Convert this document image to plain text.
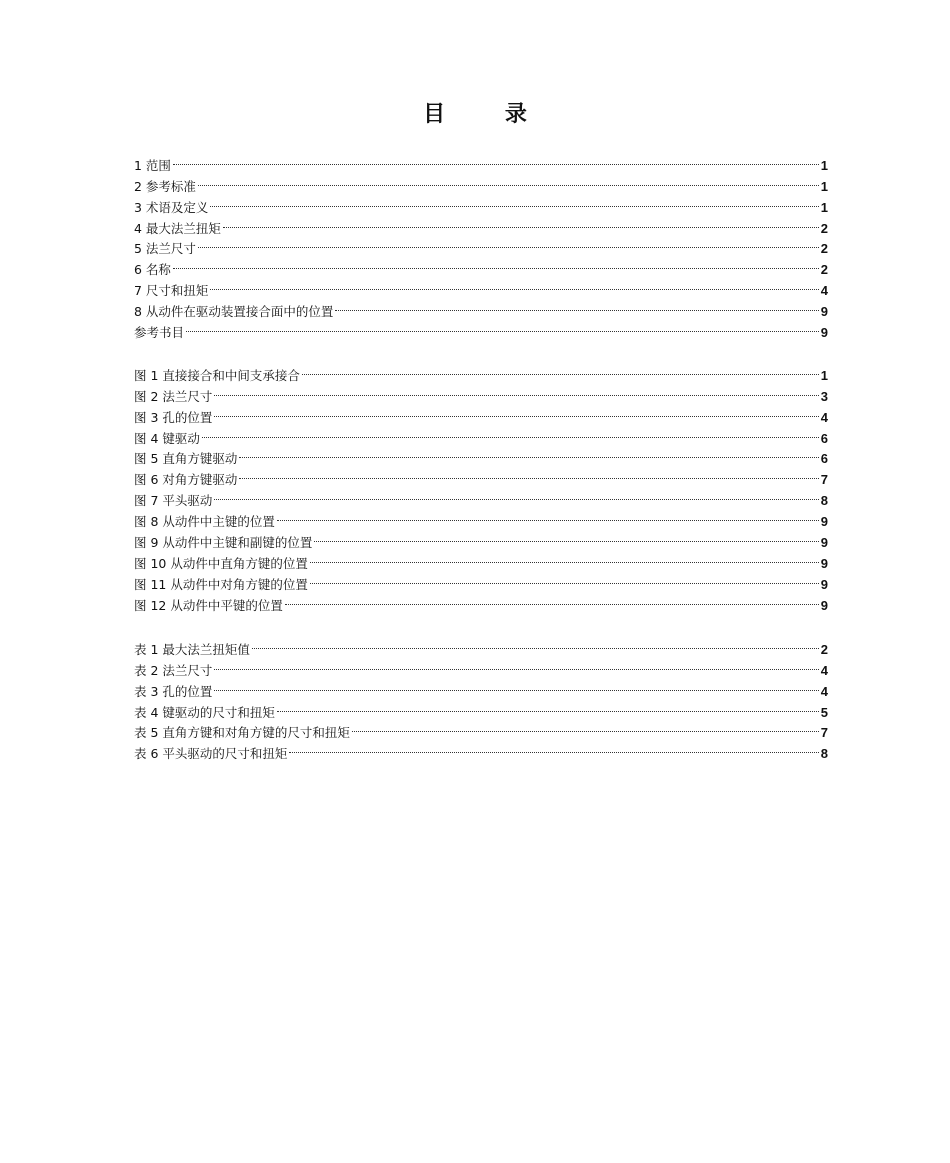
目 录
1 范围	1
2 参考标准	1
3 术语及定义	1
4 最大法兰扭矩	2
5 法兰尺寸	2
6 名称	2
7 尺寸和扭矩	4
8 从动件在驱动装置接合面中的位置	9
参考书目	9
图 1 直接接合和中间支承接合	1
图 2 法兰尺寸	3
图 3 孔的位置	4
图 4 键驱动	6
图 5 直角方键驱动	6
图 6 对角方键驱动	7
图 7 平头驱动	8
图 8 从动件中主键的位置	9
图 9 从动件中主键和副键的位置	9
图 10 从动件中直角方键的位置	9
图 11 从动件中对角方键的位置	9
图 12 从动件中平键的位置	9
表 1 最大法兰扭矩值	2
表 2 法兰尺寸	4
表 3 孔的位置	4
表 4 键驱动的尺寸和扭矩	5
表 5 直角方键和对角方键的尺寸和扭矩	7
表 6 平头驱动的尺寸和扭矩	8
